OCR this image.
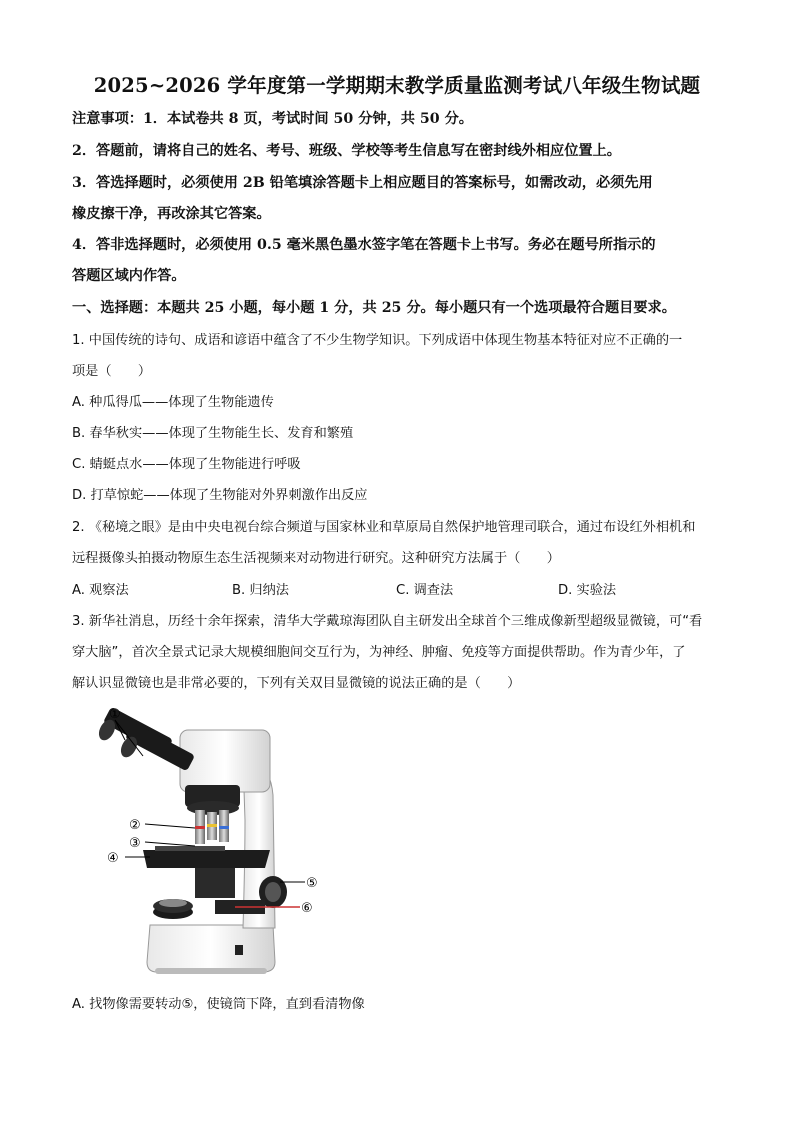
2025~2026 学年度第一学期期末教学质量监测考试八年级生物试题
注意事项：1．本试卷共 8 页，考试时间 50 分钟，共 50 分。
2．答题前，请将自己的姓名、考号、班级、学校等考生信息写在密封线外相应位置上。
3．答选择题时，必须使用 2B 铅笔填涂答题卡上相应题目的答案标号，如需改动，必须先用
橡皮擦干净，再改涂其它答案。
4．答非选择题时，必须使用 0.5 毫米黑色墨水签字笔在答题卡上书写。务必在题号所指示的
答题区域内作答。
一、选择题：本题共 25 小题，每小题 1 分，共 25 分。每小题只有一个选项最符合题目要求。
1. 中国传统的诗句、成语和谚语中蕴含了不少生物学知识。下列成语中体现生物基本特征对应不正确的一
项是（　　）
A. 种瓜得瓜——体现了生物能遗传
B. 春华秋实——体现了生物能生长、发育和繁殖
C. 蜻蜓点水——体现了生物能进行呼吸
D. 打草惊蛇——体现了生物能对外界刺激作出反应
2. 《秘境之眼》是由中央电视台综合频道与国家林业和草原局自然保护地管理司联合，通过布设红外相机和
远程摄像头拍摄动物原生态生活视频来对动物进行研究。这种研究方法属于（　　）
A. 观察法	B. 归纳法	C. 调查法	D. 实验法
3. 新华社消息，历经十余年探索，清华大学戴琼海团队自主研发出全球首个三维成像新型超级显微镜，可“看
穿大脑”，首次全景式记录大规模细胞间交互行为，为神经、肿瘤、免疫等方面提供帮助。作为青少年，了
解认识显微镜也是非常必要的，下列有关双目显微镜的说法正确的是（　　）
①
②
③
④
⑤
⑥
A. 找物像需要转动⑤，使镜筒下降，直到看清物像
